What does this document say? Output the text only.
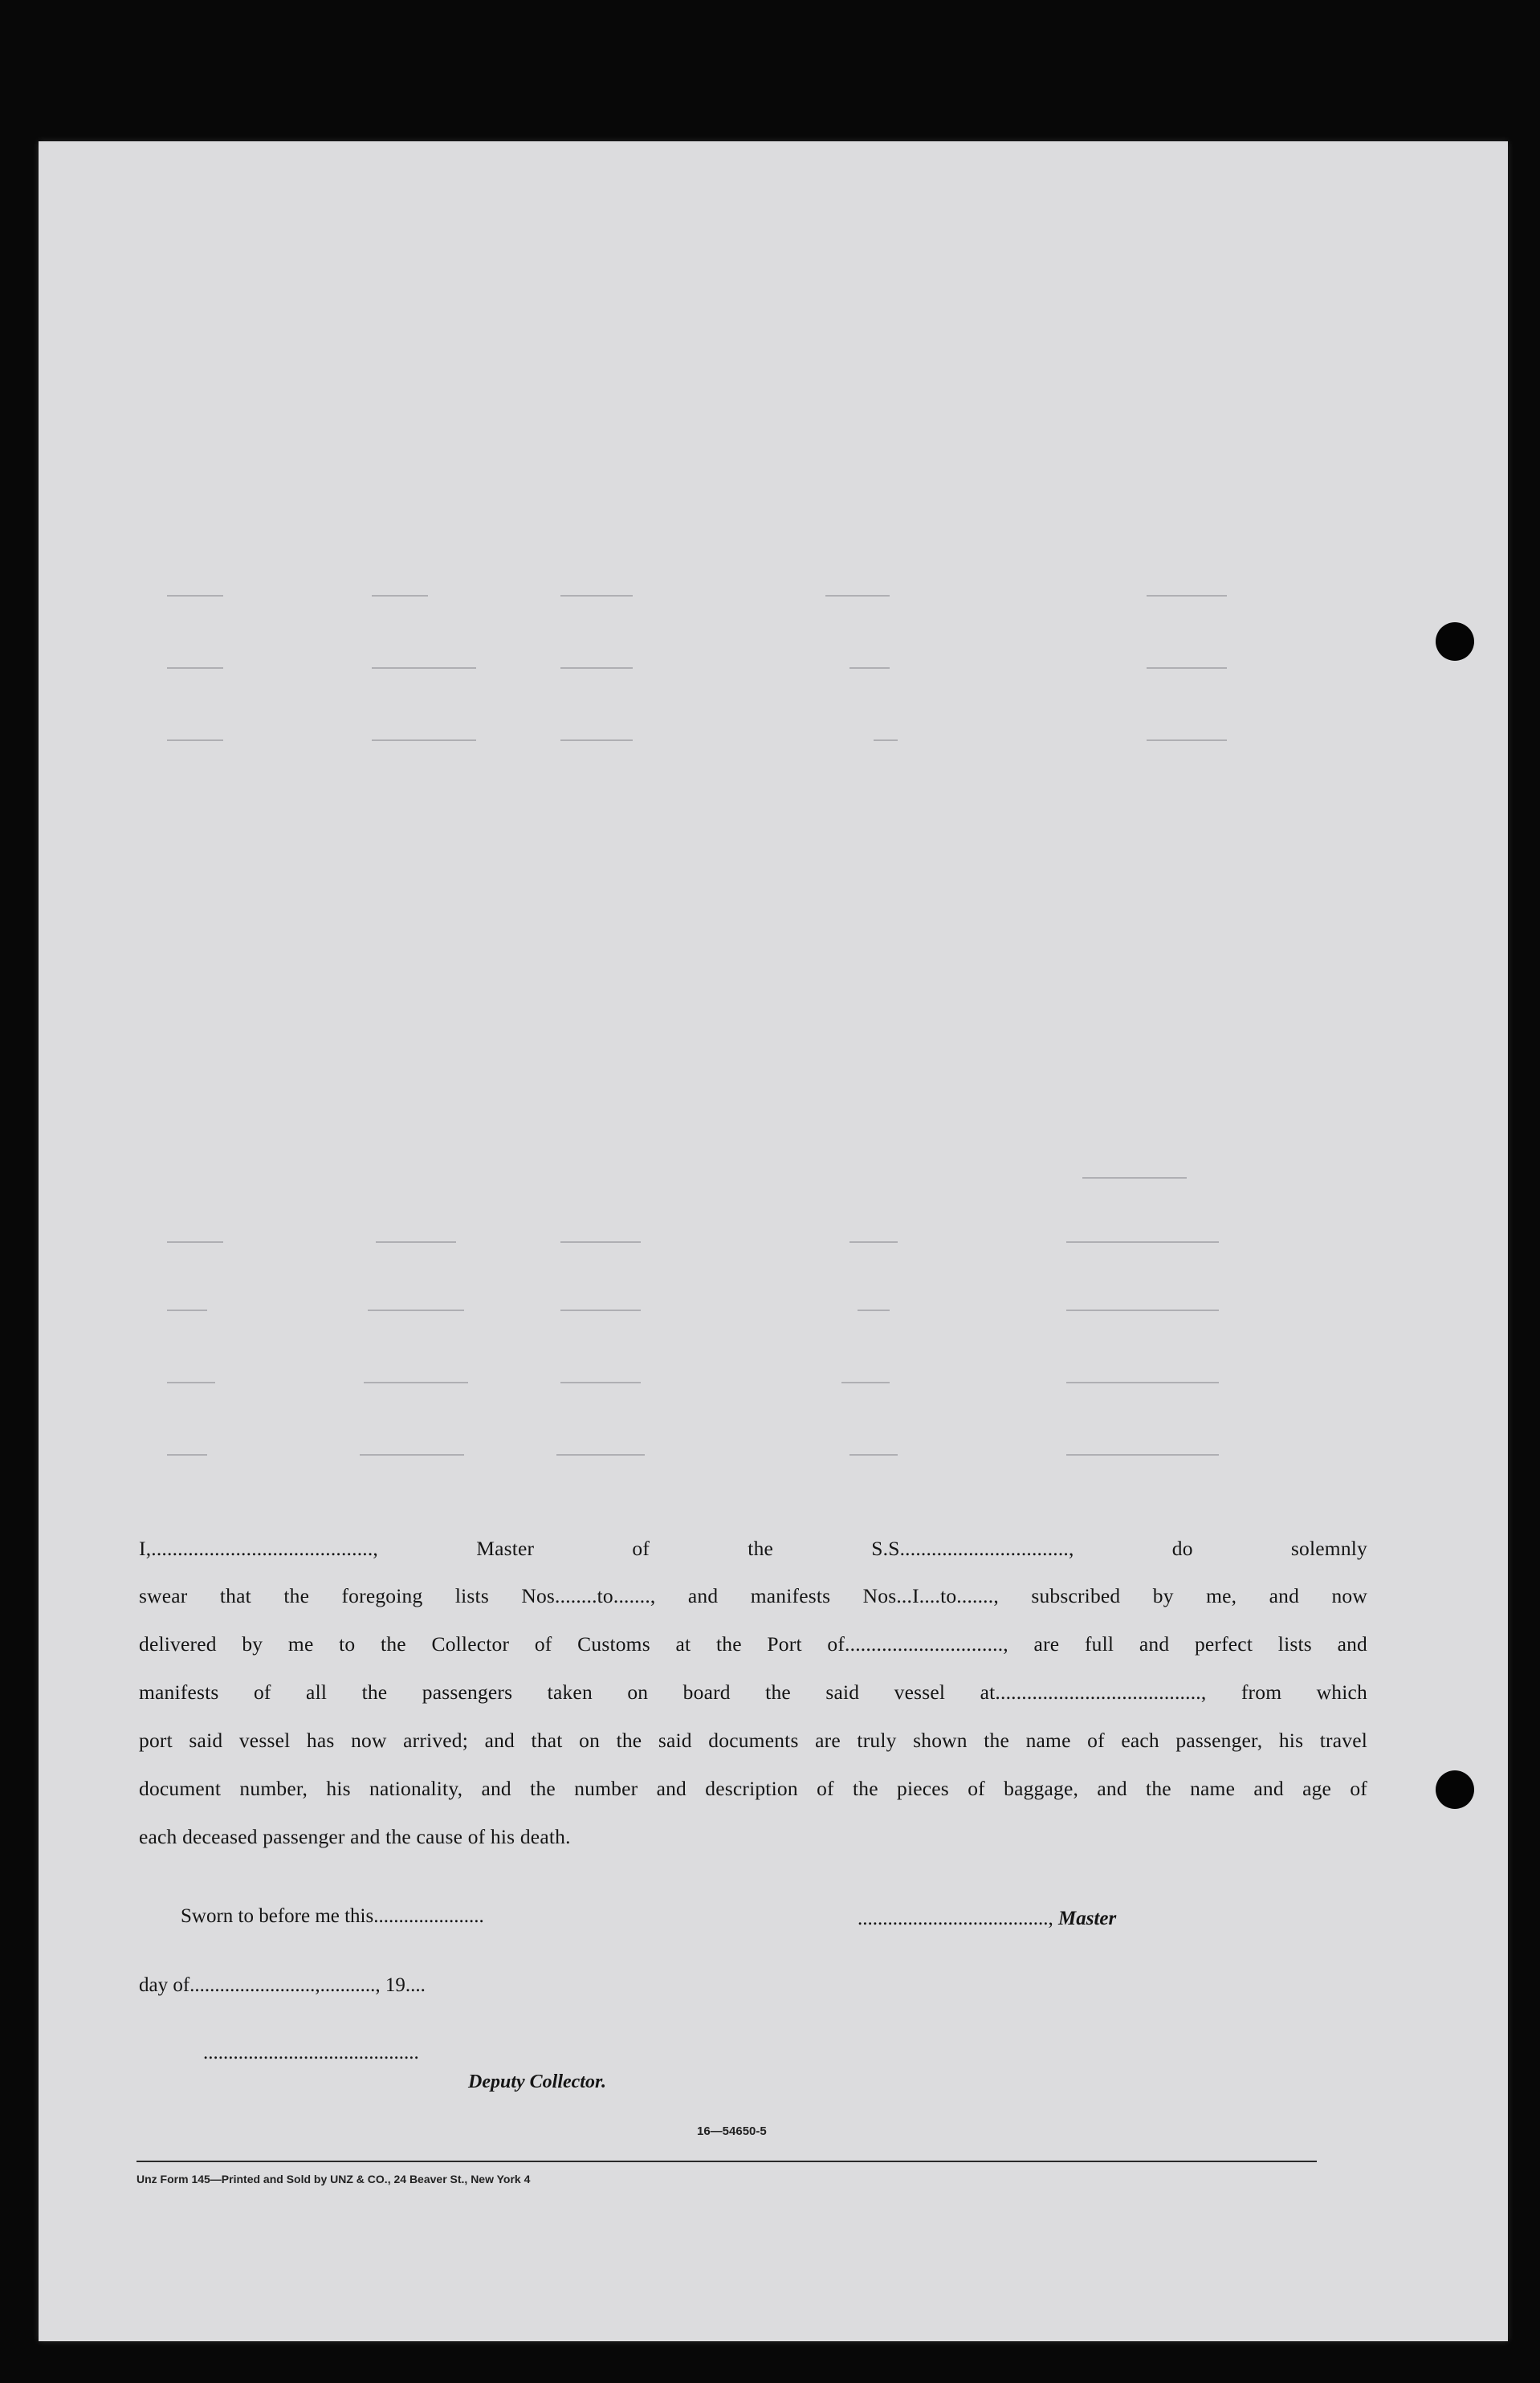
I,.........................................., Master of the S.S................................, do solemnly
swear that the foregoing lists Nos........to......., and manifests Nos...I....to......., subscribed by me, and now
delivered by me to the Collector of Customs at the Port of.............................., are full and perfect lists and
manifests of all the passengers taken on board the said vessel at......................................., from which
port said vessel has now arrived; and that on the said documents are truly shown the name of each passenger, his travel
document number, his nationality, and the number and description of the pieces of baggage, and the name and age of
each deceased passenger and the cause of his death.
Sworn to before me this......................	......................................, Master
day of.........................,..........., 19....
...........................................
Deputy Collector.
16—54650-5
Unz Form 145—Printed and Sold by UNZ & CO., 24 Beaver St., New York 4
